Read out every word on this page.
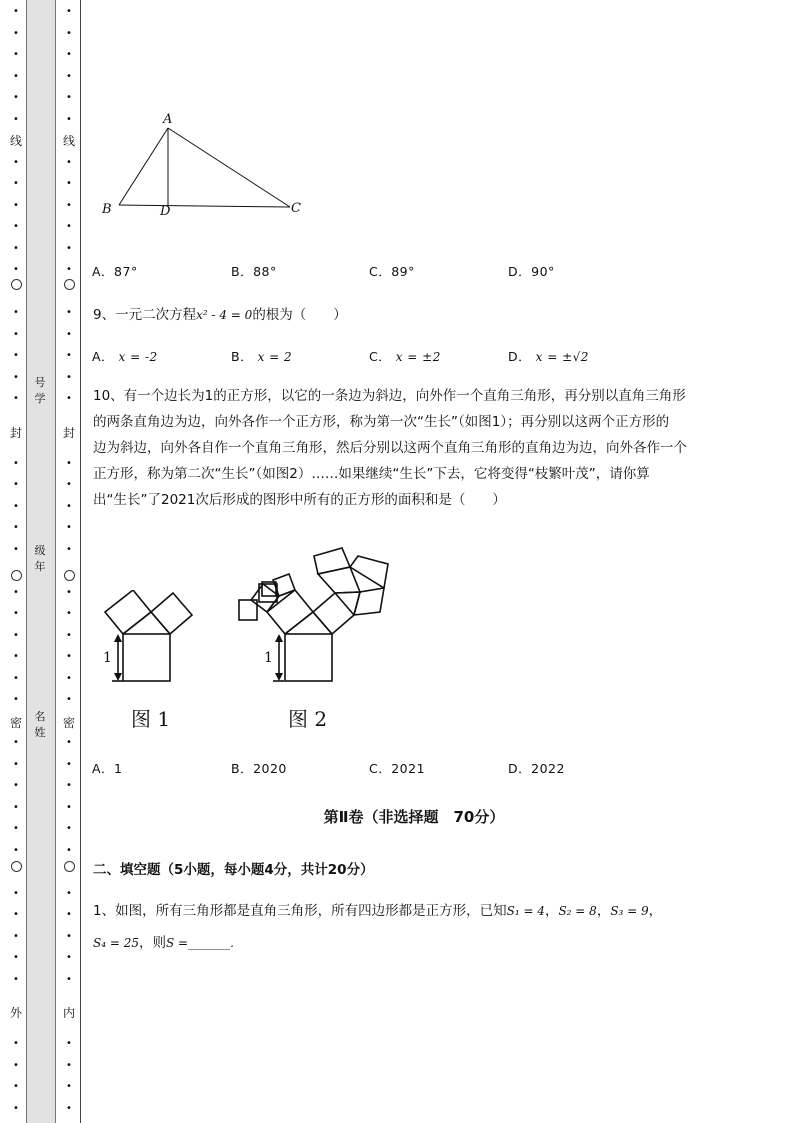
•
•
•
•
•
•
•
•
•
•
•
•
•
•
•
•
•
•
•
•
•
•
•
•
•
•
•
•
•
•
•
•
•
•
•
•
•
•
•
•
•
•
•
•
•
•
•
•
•
•
•
•
•
•
•
•
•
•
•
•
•
•
•
•
•
•
•
•
•
•
•
•
•
•
•
•
•
•
•
•
•
•
•
•
•
•
线
封
密
外
线
封
密
内
号学
级年
名姓
A
B	D	C
A．87°	B．88°	C．89°	D．90°
9、一元二次方程x² - 4 = 0的根为（　　）
A． x = -2	B． x = 2	C． x = ±2	D． x = ±√2
10、有一个边长为1的正方形，以它的一条边为斜边，向外作一个直角三角形，再分别以直角三角形
的两条直角边为边，向外各作一个正方形，称为第一次“生长”（如图1）；再分别以这两个正方形的
边为斜边，向外各自作一个直角三角形，然后分别以这两个直角三角形的直角边为边，向外各作一个
正方形，称为第二次“生长”（如图2）……如果继续“生长”下去，它将变得“枝繁叶茂”，请你算
出“生长”了2021次后形成的图形中所有的正方形的面积和是（　　）
1
图 1
1
图 2
A．1	B．2020	C．2021	D．2022
第Ⅱ卷（非选择题　70分）
二、填空题（5小题，每小题4分，共计20分）
1、如图，所有三角形都是直角三角形，所有四边形都是正方形，已知S₁ = 4，S₂ = 8，S₃ = 9，
S₄ = 25，则S =_______.
